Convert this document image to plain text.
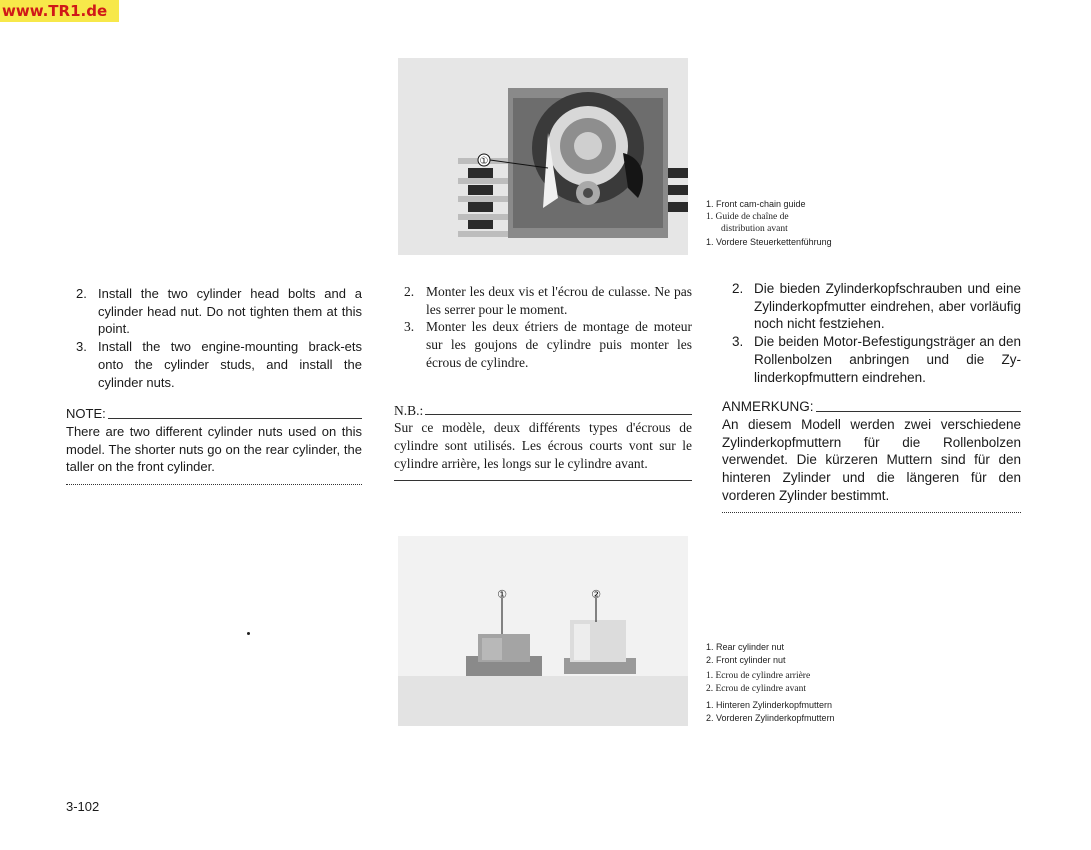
www.TR1.de
①
1. Front cam-chain guide
1. Guide de chaîne de
distribution avant
1. Vordere Steuerkettenführung
2. Install the two cylinder head bolts and a cylinder head nut. Do not tighten them at this point.
3. Install the two engine-mounting brack-ets onto the cylinder studs, and install the cylinder nuts.
NOTE:
There are two different cylinder nuts used on this model. The shorter nuts go on the rear cylinder, the taller on the front cylinder.
2. Monter les deux vis et l'écrou de culasse. Ne pas les serrer pour le moment.
3. Monter les deux étriers de montage de moteur sur les goujons de cylindre puis monter les écrous de cylindre.
N.B.:
Sur ce modèle, deux différents types d'écrous de cylindre sont utilisés. Les écrous courts vont sur le cylindre arrière, les longs sur le cylindre avant.
2. Die bieden Zylinderkopfschrauben und eine Zylinderkopfmutter eindrehen, aber vorläufig noch nicht festziehen.
3. Die beiden Motor-Befestigungsträger an den Rollenbolzen anbringen und die Zy-linderkopfmuttern eindrehen.
ANMERKUNG:
An diesem Modell werden zwei verschiedene Zylinderkopfmuttern für die Rollenbolzen verwendet. Die kürzeren Muttern sind für den hinteren Zylinder und die längeren für den vorderen Zylinder bestimmt.
①	②
1. Rear cylinder nut
2. Front cylinder nut
1. Ecrou de cylindre arrière
2. Ecrou de cylindre avant
1. Hinteren Zylinderkopfmuttern
2. Vorderen Zylinderkopfmuttern
3-102
